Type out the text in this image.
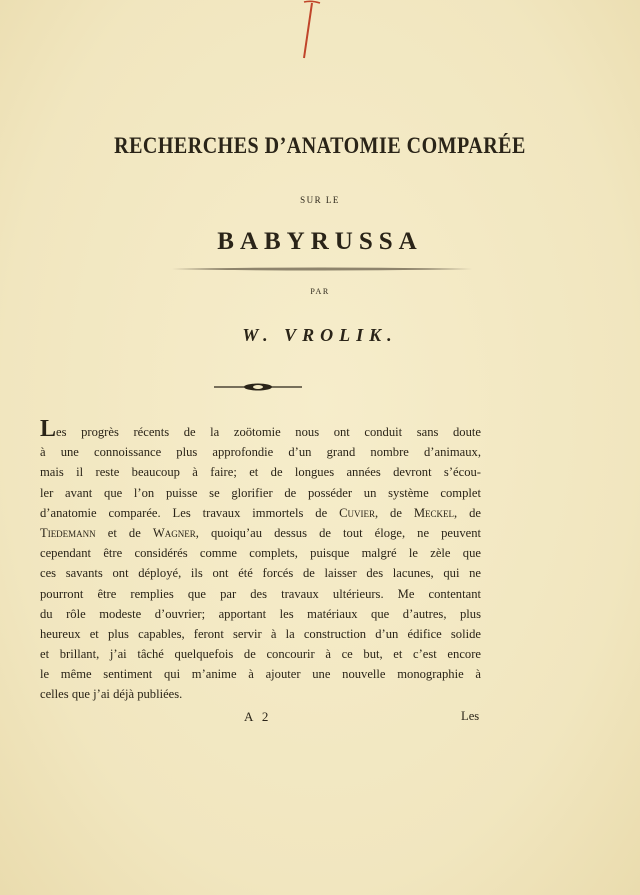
RECHERCHES D’ANATOMIE COMPARÉE
SUR LE
BABYRUSSA
PAR
W. VROLIK.
Les progrès récents de la zoötomie nous ont conduit sans doute
à une connoissance plus approfondie d’un grand nombre d’animaux,
mais il reste beaucoup à faire; et de longues années devront s’écou-
ler avant que l’on puisse se glorifier de posséder un système complet
d’anatomie comparée. Les travaux immortels de Cuvier, de Meckel, de
Tiedemann et de Wagner, quoiqu’au dessus de tout éloge, ne peuvent
cependant être considérés comme complets, puisque malgré le zèle que
ces savants ont déployé, ils ont été forcés de laisser des lacunes, qui ne
pourront être remplies que par des travaux ultérieurs. Me contentant
du rôle modeste d’ouvrier; apportant les matériaux que d’autres, plus
heureux et plus capables, feront servir à la construction d’un édifice solide
et brillant, j’ai tâché quelquefois de concourir à ce but, et c’est encore
le même sentiment qui m’anime à ajouter une nouvelle monographie à
celles que j’ai déjà publiées.
A 2	Les
